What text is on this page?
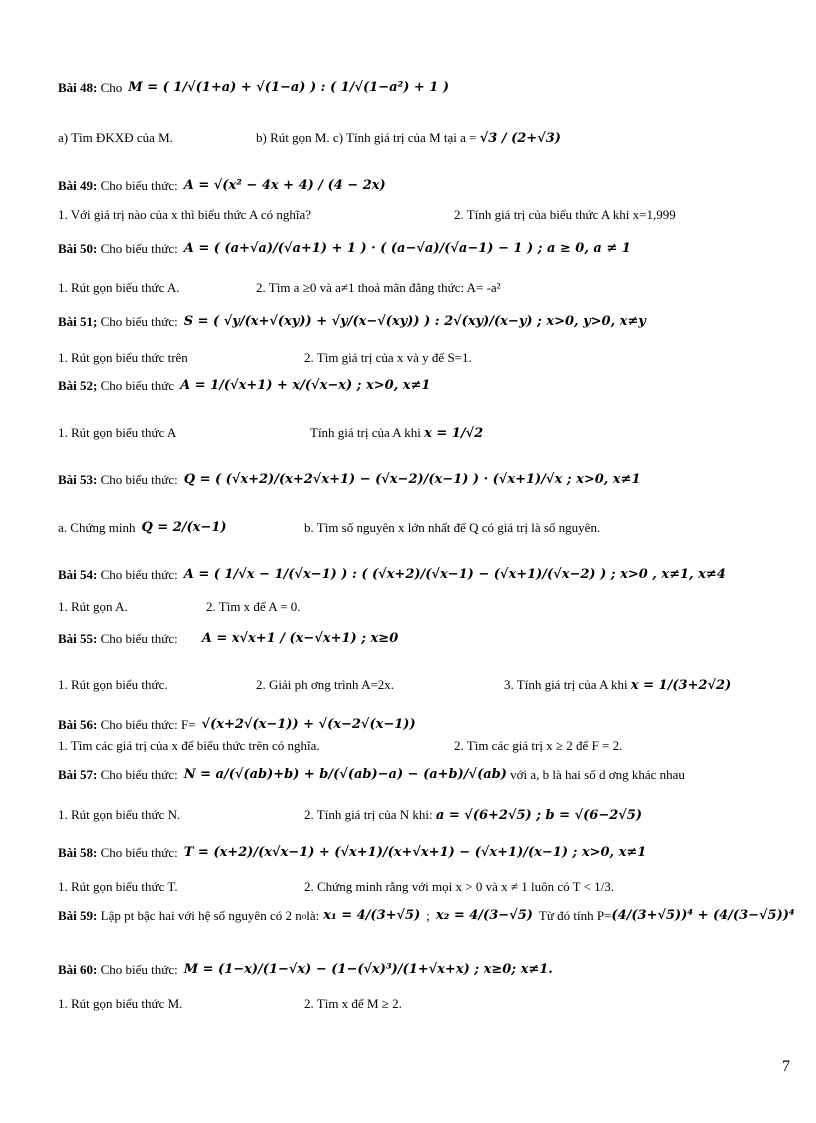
Bài 48:
Cho M = ( 1/√(1+a) + √(1−a) ) : ( 1/√(1−a²) + 1 )
a) Tìm ĐKXĐ của M.	b) Rút gọn M. c) Tính giá trị của M tại a = √3 / (2+√3)
Bài 49:
Cho biểu thức: A = √(x² − 4x + 4) / (4 − 2x)
1. Với giá trị nào của x thì biểu thức A có nghĩa?	2. Tính giá trị của biểu thức A khi x=1,999
Bài 50:
Cho biểu thức: A = ( (a+√a)/(√a+1) + 1 ) · ( (a−√a)/(√a−1) − 1 ) ; a ≥ 0, a ≠ 1
1. Rút gọn biểu thức A.	2. Tìm a ≥0 và a≠1 thoả mãn đẳng thức: A= -a²
Bài 51;
Cho biểu thức: S = ( √y/(x+√(xy)) + √y/(x−√(xy)) ) : 2√(xy)/(x−y) ; x>0, y>0, x≠y
1. Rút gọn biểu thức trên	2. Tìm giá trị của x và y để S=1.
Bài 52;
Cho biểu thức A = 1/(√x+1) + x/(√x−x) ; x>0, x≠1
1. Rút gọn biểu thức A	Tính giá trị của A khi x = 1/√2
Bài 53:
Cho biểu thức: Q = ( (√x+2)/(x+2√x+1) − (√x−2)/(x−1) ) · (√x+1)/√x ; x>0, x≠1
a. Chứng minh Q = 2/(x−1)	b. Tìm số nguyên x lớn nhất để Q có giá trị là số nguyên.
Bài 54:
Cho biểu thức: A = ( 1/√x − 1/(√x−1) ) : ( (√x+2)/(√x−1) − (√x+1)/(√x−2) ) ; x>0 , x≠1, x≠4
1. Rút gọn A.	2. Tìm x để A = 0.
Bài 55:
Cho biểu thức: A = x√x+1 / (x−√x+1) ; x≥0
1. Rút gọn biểu thức.	2. Giải ph ơng trình A=2x.	3. Tính giá trị của A khi x = 1/(3+2√2)
Bài 56:
Cho biểu thức: F= √(x+2√(x−1)) + √(x−2√(x−1))
1. Tìm các giá trị của x để biểu thức trên có nghĩa.	2. Tìm các giá trị x ≥ 2 để F = 2.
Bài 57:
Cho biểu thức: N = a/(√(ab)+b) + b/(√(ab)−a) − (a+b)/√(ab)
với a, b là hai số d ơng khác nhau
1. Rút gọn biểu thức N.	2. Tính giá trị của N khi: a = √(6+2√5) ; b = √(6−2√5)
Bài 58:
Cho biểu thức: T = (x+2)/(x√x−1) + (√x+1)/(x+√x+1) − (√x+1)/(x−1) ; x>0, x≠1
1. Rút gọn biểu thức T.	2. Chứng minh rằng với mọi x > 0 và x ≠ 1 luôn có T < 1/3.
Bài 59:
Lập pt bậc hai với hệ số nguyên có 2 n o là: x₁ = 4/(3+√5) ; x₂ = 4/(3−√5) Từ đó tính P= (4/(3+√5))⁴ + (4/(3−√5))⁴
Bài 60:
Cho biểu thức: M = (1−x)/(1−√x) − (1−(√x)³)/(1+√x+x) ; x≥0; x≠1.
1. Rút gọn biểu thức M.	2. Tìm x để M ≥ 2.
7
